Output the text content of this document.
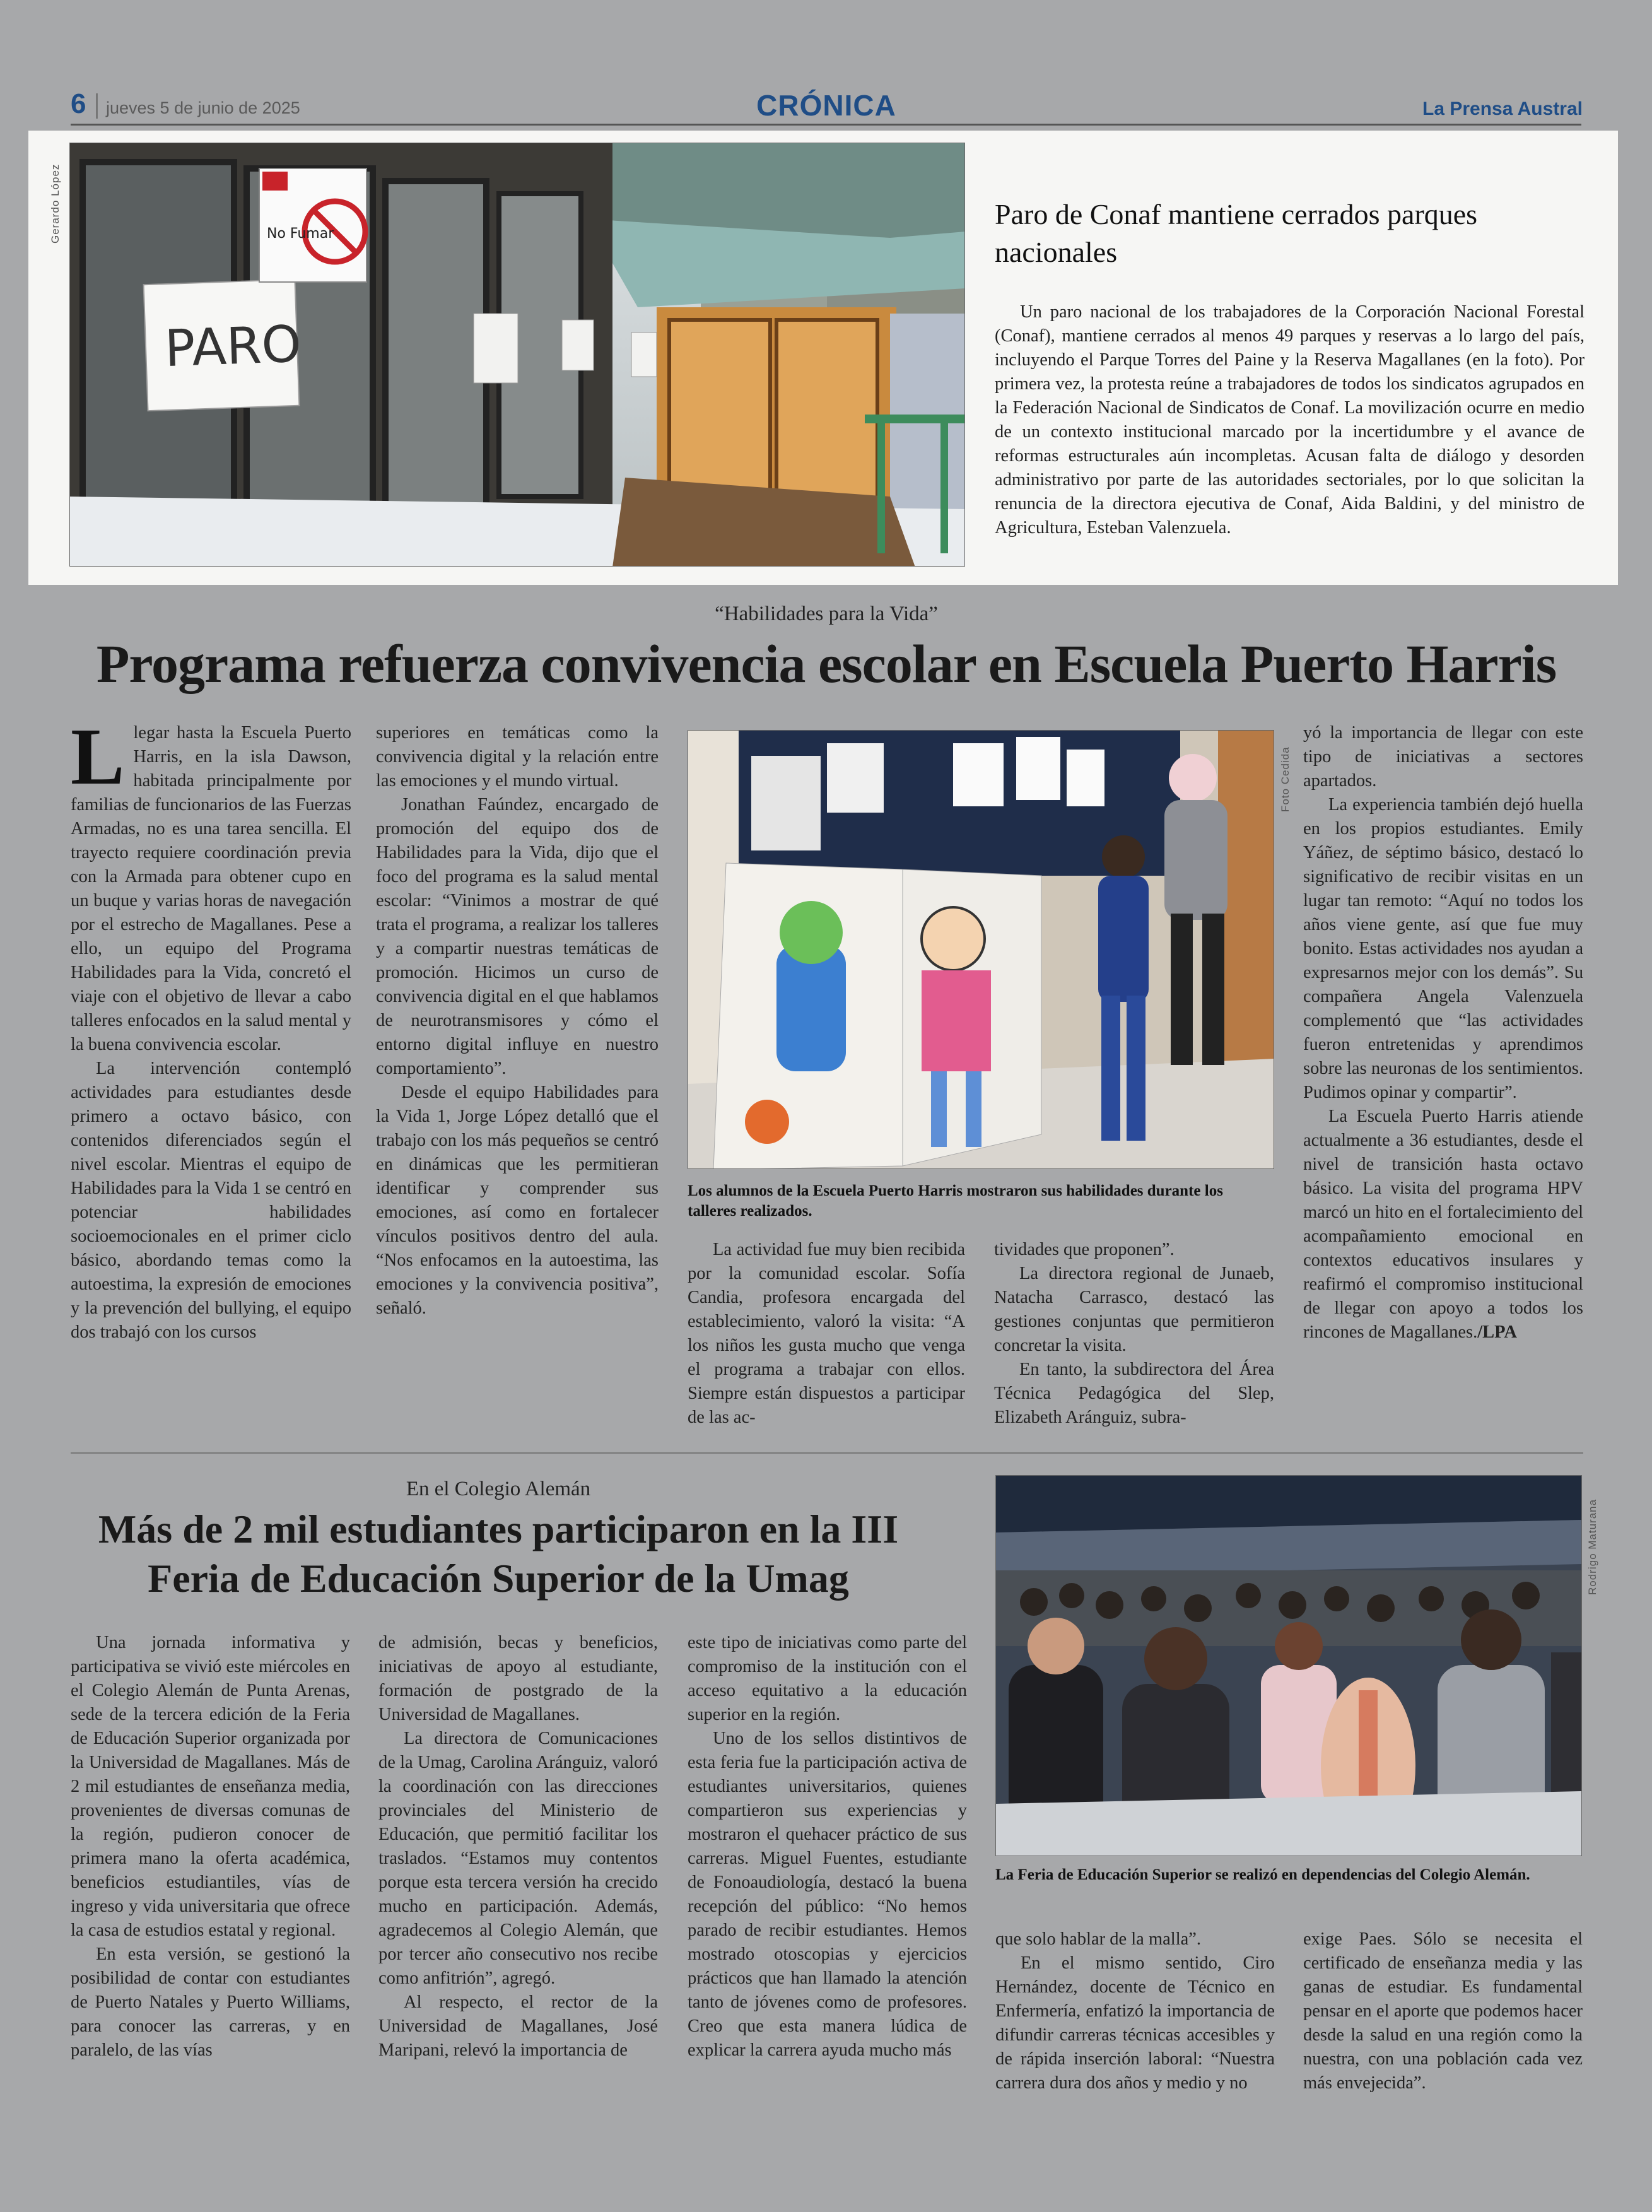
6 jueves 5 de junio de 2025	CRÓNICA	La Prensa Austral
Gerardo López
PARO
No Fumar
Paro de Conaf mantiene cerrados parques nacionales

Un paro nacional de los trabajadores de la Corporación Nacional Forestal (Conaf), mantiene cerrados al menos 49 parques y reservas a lo largo del país, incluyendo el Parque Torres del Paine y la Reserva Magallanes (en la foto). Por primera vez, la protesta reúne a trabajadores de todos los sindicatos agrupados en la Federación Nacional de Sindicatos de Conaf. La movilización ocurre en medio de un contexto institucional marcado por la incertidumbre y el avance de reformas estructurales aún incompletas. Acusan falta de diálogo y desorden administrativo por parte de las autoridades sectoriales, por lo que solicitan la renuncia de la directora ejecutiva de Conaf, Aida Baldini, y del ministro de Agricultura, Esteban Valenzuela.

“Habilidades para la Vida”
Programa refuerza convivencia escolar en Escuela Puerto Harris

Llegar hasta la Escuela Puerto Harris, en la isla Dawson, habitada principalmente por familias de funcionarios de las Fuerzas Armadas, no es una tarea sencilla. El trayecto requiere coordinación previa con la Armada para obtener cupo en un buque y varias horas de navegación por el estrecho de Magallanes. Pese a ello, un equipo del Programa Habilidades para la Vida, concretó el viaje con el objetivo de llevar a cabo talleres enfocados en la salud mental y la buena convivencia escolar.

La intervención contempló actividades para estudiantes desde primero a octavo básico, con contenidos diferenciados según el nivel escolar. Mientras el equipo de Habilidades para la Vida 1 se centró en potenciar habilidades socioemocionales en el primer ciclo básico, abordando temas como la autoestima, la expresión de emociones y la prevención del bullying, el equipo dos trabajó con los cursos

superiores en temáticas como la convivencia digital y la relación entre las emociones y el mundo virtual.

Jonathan Faúndez, encargado de promoción del equipo dos de Habilidades para la Vida, dijo que el foco del programa es la salud mental escolar: “Vinimos a mostrar de qué trata el programa, a realizar los talleres y a compartir nuestras temáticas de promoción. Hicimos un curso de convivencia digital en el que hablamos de neurotransmisores y cómo el entorno digital influye en nuestro comportamiento”.

Desde el equipo Habilidades para la Vida 1, Jorge López detalló que el trabajo con los más pequeños se centró en dinámicas que les permitieran identificar y comprender sus emociones, así como en fortalecer vínculos positivos dentro del aula. “Nos enfocamos en la autoestima, las emociones y la convivencia positiva”, señaló.

Foto Cedida

Los alumnos de la Escuela Puerto Harris mostraron sus habilidades durante los talleres realizados.

La actividad fue muy bien recibida por la comunidad escolar. Sofía Candia, profesora encargada del establecimiento, valoró la visita: “A los niños les gusta mucho que venga el programa a trabajar con ellos. Siempre están dispuestos a participar de las ac-

tividades que proponen”.

La directora regional de Junaeb, Natacha Carrasco, destacó las gestiones conjuntas que permitieron concretar la visita.

En tanto, la subdirectora del Área Técnica Pedagógica del Slep, Elizabeth Aránguiz, subra-

yó la importancia de llegar con este tipo de iniciativas a sectores apartados.

La experiencia también dejó huella en los propios estudiantes. Emily Yáñez, de séptimo básico, destacó lo significativo de recibir visitas en un lugar tan remoto: “Aquí no todos los años viene gente, así que fue muy bonito. Estas actividades nos ayudan a expresarnos mejor con los demás”. Su compañera Angela Valenzuela complementó que “las actividades fueron entretenidas y aprendimos sobre las neuronas de los sentimientos. Pudimos opinar y compartir”.

La Escuela Puerto Harris atiende actualmente a 36 estudiantes, desde el nivel de transición hasta octavo básico. La visita del programa HPV marcó un hito en el fortalecimiento del acompañamiento emocional en contextos educativos insulares y reafirmó el compromiso institucional de llegar con apoyo a todos los rincones de Magallanes./LPA

En el Colegio Alemán
Más de 2 mil estudiantes participaron en la III Feria de Educación Superior de la Umag

Una jornada informativa y participativa se vivió este miércoles en el Colegio Alemán de Punta Arenas, sede de la tercera edición de la Feria de Educación Superior organizada por la Universidad de Magallanes. Más de 2 mil estudiantes de enseñanza media, provenientes de diversas comunas de la región, pudieron conocer de primera mano la oferta académica, beneficios estudiantiles, vías de ingreso y vida universitaria que ofrece la casa de estudios estatal y regional.

En esta versión, se gestionó la posibilidad de contar con estudiantes de Puerto Natales y Puerto Williams, para conocer las carreras, y en paralelo, de las vías

de admisión, becas y beneficios, iniciativas de apoyo al estudiante, formación de postgrado de la Universidad de Magallanes.

La directora de Comunicaciones de la Umag, Carolina Aránguiz, valoró la coordinación con las direcciones provinciales del Ministerio de Educación, que permitió facilitar los traslados. “Estamos muy contentos porque esta tercera versión ha crecido mucho en participación. Además, agradecemos al Colegio Alemán, que por tercer año consecutivo nos recibe como anfitrión”, agregó.

Al respecto, el rector de la Universidad de Magallanes, José Maripani, relevó la importancia de

este tipo de iniciativas como parte del compromiso de la institución con el acceso equitativo a la educación superior en la región.

Uno de los sellos distintivos de esta feria fue la participación activa de estudiantes universitarios, quienes compartieron sus experiencias y mostraron el quehacer práctico de sus carreras. Miguel Fuentes, estudiante de Fonoaudiología, destacó la buena recepción del público: “No hemos parado de recibir estudiantes. Hemos mostrado otoscopias y ejercicios prácticos que han llamado la atención tanto de jóvenes como de profesores. Creo que esta manera lúdica de explicar la carrera ayuda mucho más

Rodrigo Maturana

La Feria de Educación Superior se realizó en dependencias del Colegio Alemán.

que solo hablar de la malla”.

En el mismo sentido, Ciro Hernández, docente de Técnico en Enfermería, enfatizó la importancia de difundir carreras técnicas accesibles y de rápida inserción laboral: “Nuestra carrera dura dos años y medio y no

exige Paes. Sólo se necesita el certificado de enseñanza media y las ganas de estudiar. Es fundamental pensar en el aporte que podemos hacer desde la salud en una región como la nuestra, con una población cada vez más envejecida”.
